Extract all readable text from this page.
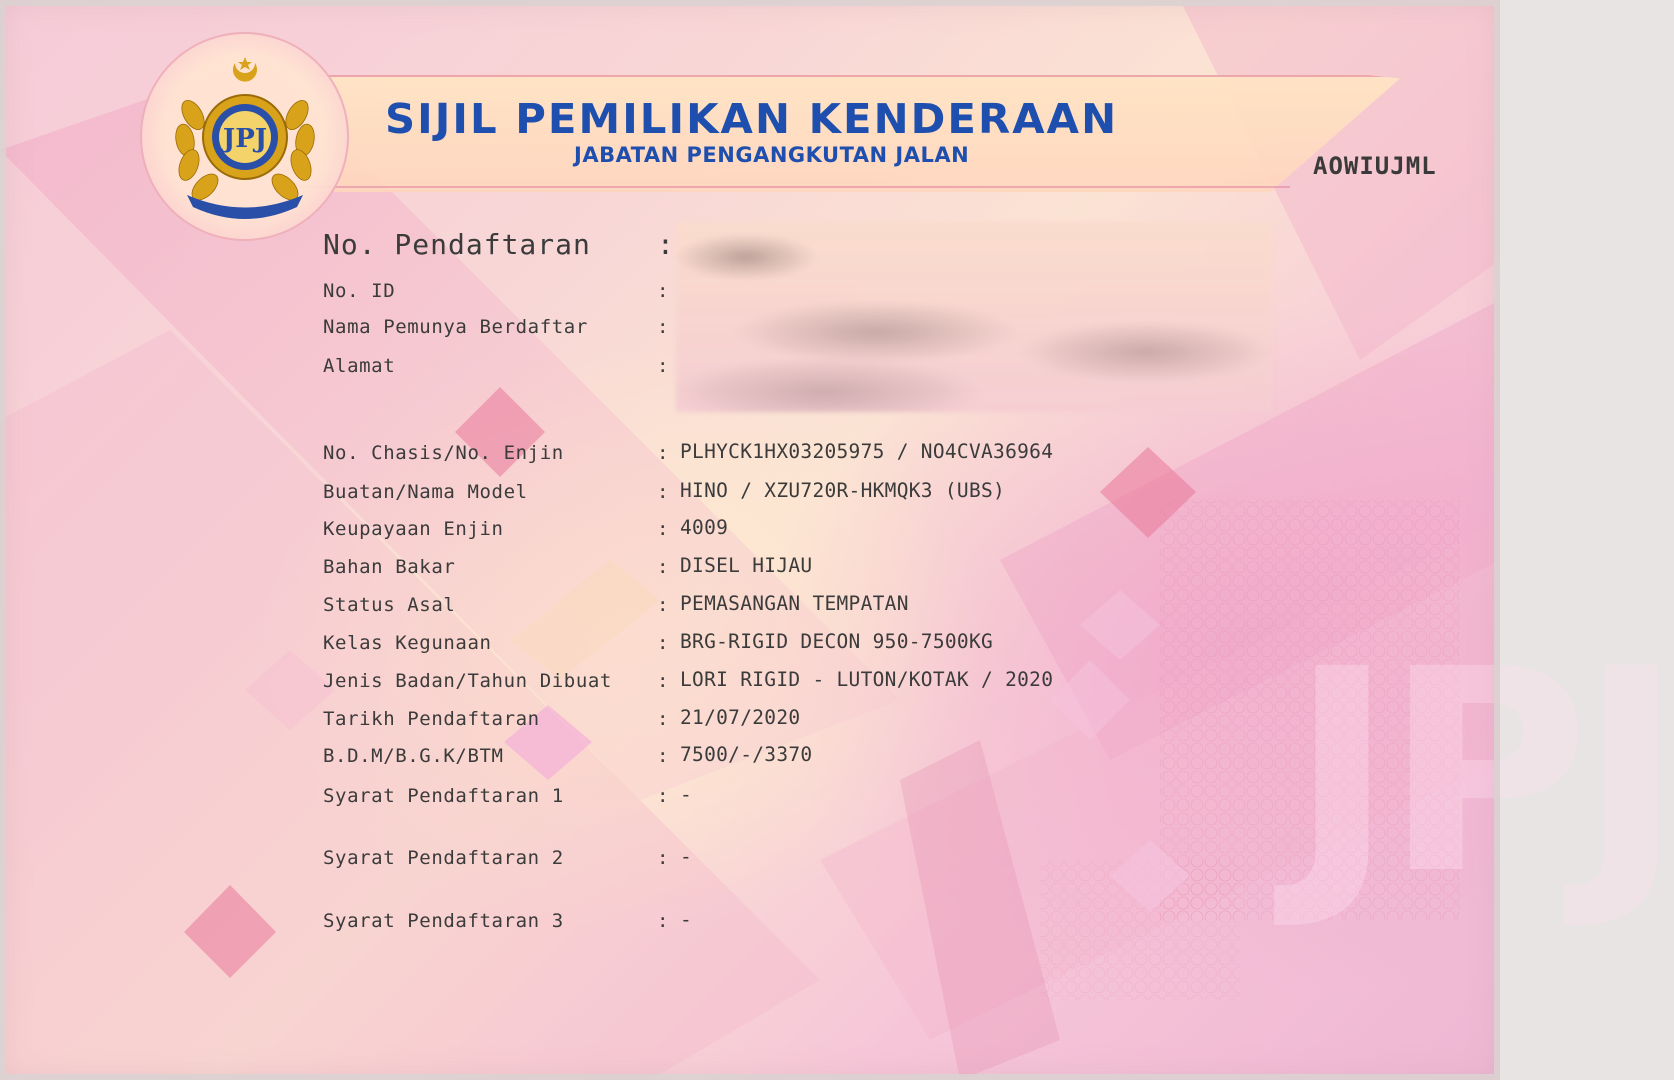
JPJ
JPJ	SIJIL PEMILIKAN KENDERAAN
JABATAN PENGANGKUTAN JALAN	AOWIUJML
No. Pendaftaran :
No. ID	:
Nama Pemunya Berdaftar	:
Alamat	:
No. Chasis/No. Enjin	: PLHYCK1HX03205975 / NO4CVA36964
Buatan/Nama Model	: HINO / XZU720R-HKMQK3 (UBS)
Keupayaan Enjin	: 4009
Bahan Bakar	: DISEL HIJAU
Status Asal	: PEMASANGAN TEMPATAN
Kelas Kegunaan	: BRG-RIGID DECON 950-7500KG
Jenis Badan/Tahun Dibuat : LORI RIGID - LUTON/KOTAK / 2020
Tarikh Pendaftaran	: 21/07/2020
B.D.M/B.G.K/BTM	: 7500/-/3370
Syarat Pendaftaran 1	: -
Syarat Pendaftaran 2	: -
Syarat Pendaftaran 3	: -
